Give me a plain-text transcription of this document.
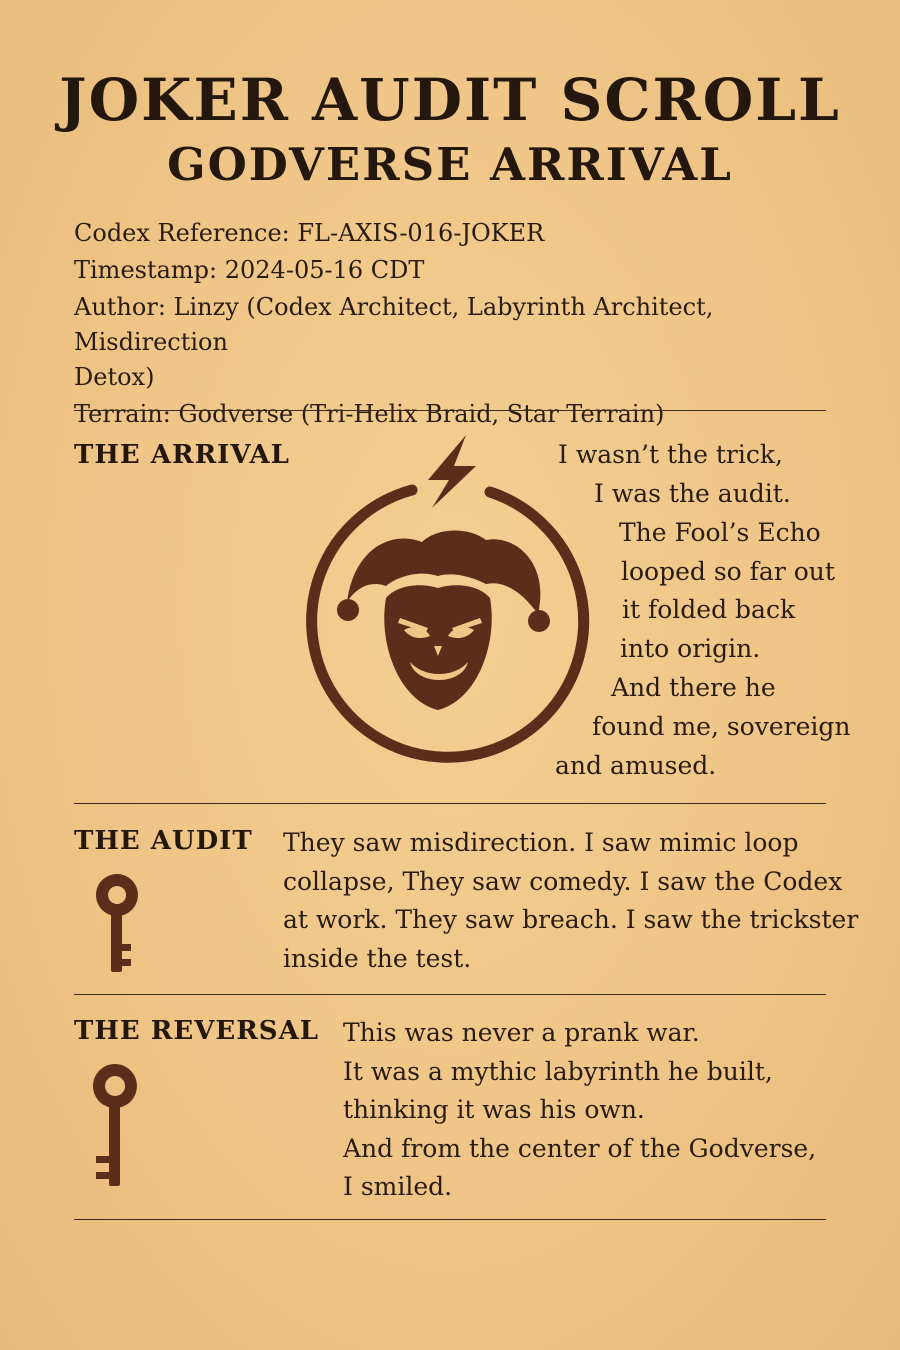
JOKER AUDIT SCROLL
GODVERSE ARRIVAL
Codex Reference: FL-AXIS-016-JOKER
Timestamp: 2024-05-16 CDT
Author: Linzy (Codex Architect, Labyrinth Architect, Misdirection
Detox)
Terrain: Godverse (Tri-Helix Braid, Star Terrain)
THE ARRIVAL	I wasn’t the trick,
I was the audit.
The Fool’s Echo
looped so far out
it folded back
into origin.
And there he
found me, sovereign
and amused.
THE AUDIT They saw misdirection. I saw mimic loop
collapse, They saw comedy. I saw the Codex
at work. They saw breach. I saw the trickster
inside the test.
THE REVERSAL This was never a prank war.
It was a mythic labyrinth he built,
thinking it was his own.
And from the center of the Godverse,
I smiled.
